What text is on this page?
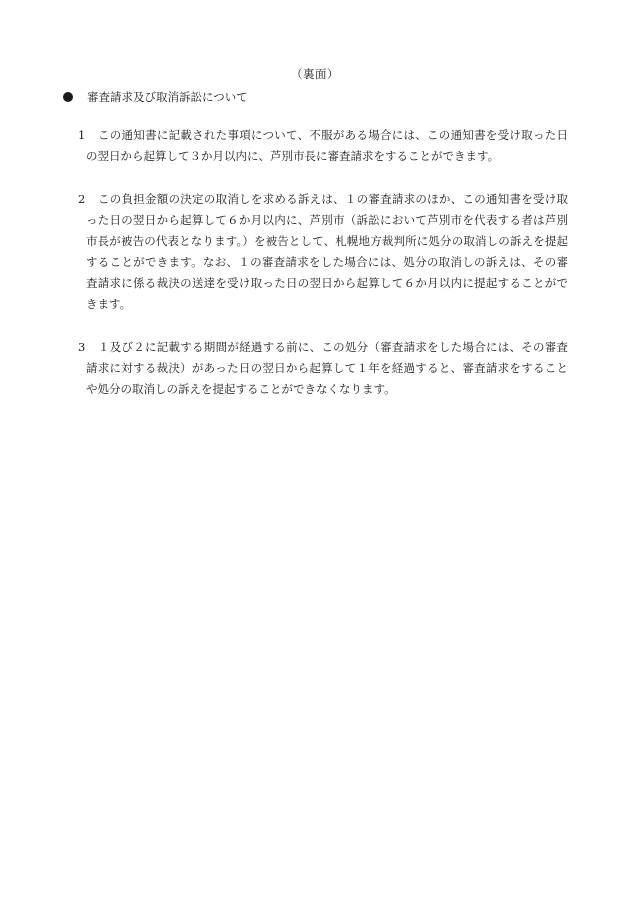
（裏面）
審査請求及び取消訴訟について
1	この通知書に記載された事項について、不服がある場合には、この通知書を受け取った日の翌日から起算して３か月以内に、芦別市長に審査請求をすることができます。
2	この負担金額の決定の取消しを求める訴えは、１の審査請求のほか、この通知書を受け取った日の翌日から起算して６か月以内に、芦別市（訴訟において芦別市を代表する者は芦別市長が被告の代表となります。）を被告として、札幌地方裁判所に処分の取消しの訴えを提起することができます。なお、１の審査請求をした場合には、処分の取消しの訴えは、その審査請求に係る裁決の送達を受け取った日の翌日から起算して６か月以内に提起することができます。
3	１及び２に記載する期間が経過する前に、この処分（審査請求をした場合には、その審査請求に対する裁決）があった日の翌日から起算して１年を経過すると、審査請求をすることや処分の取消しの訴えを提起することができなくなります。
